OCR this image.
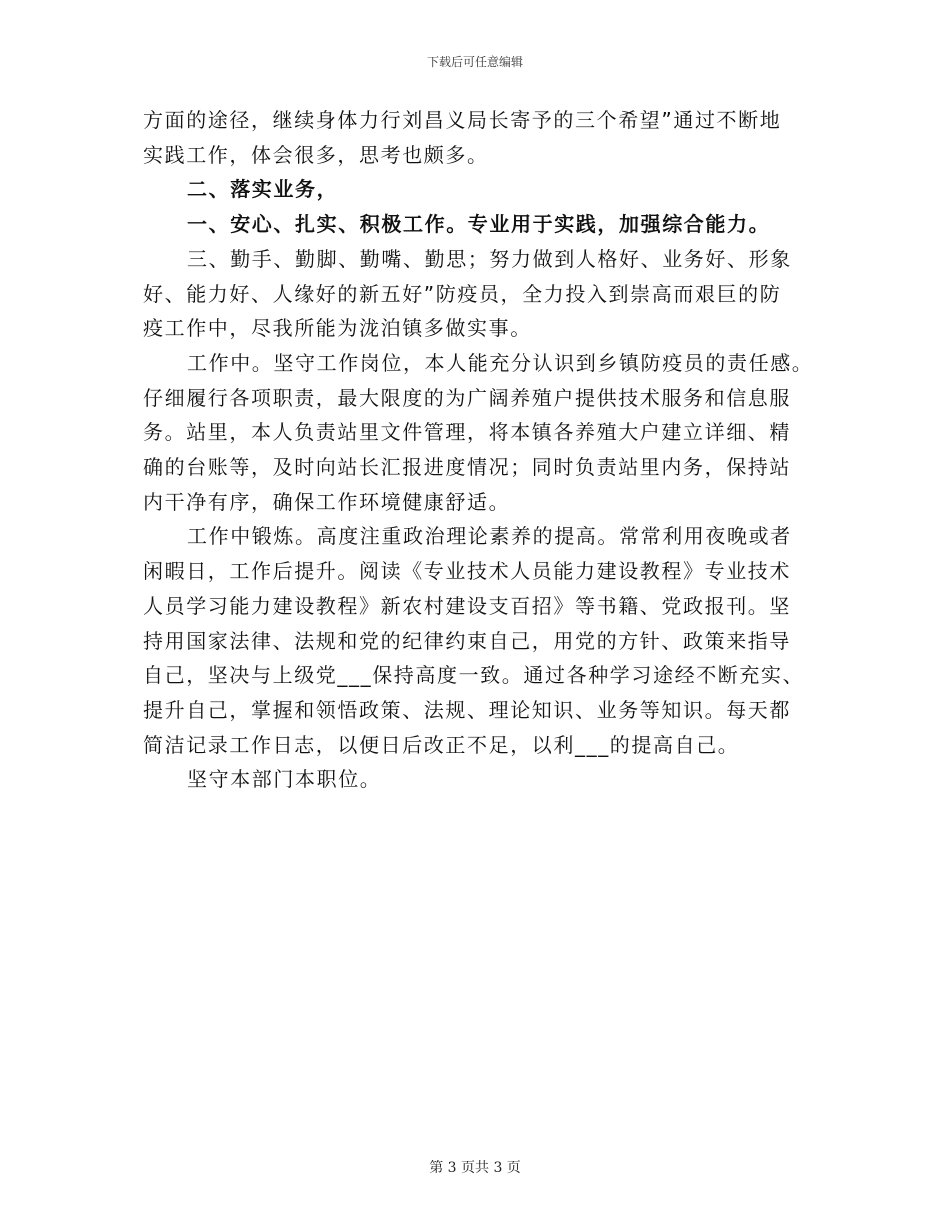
下载后可任意编辑
方面的途径，继续身体力行刘昌义局长寄予的三个希望”通过不断地
实践工作，体会很多，思考也颇多。
二、落实业务，
一、安心、扎实、积极工作。专业用于实践，加强综合能力。
三、勤手、勤脚、勤嘴、勤思；努力做到人格好、业务好、形象
好、能力好、人缘好的新五好”防疫员，全力投入到崇高而艰巨的防
疫工作中，尽我所能为泷泊镇多做实事。
工作中。坚守工作岗位，本人能充分认识到乡镇防疫员的责任感。
仔细履行各项职责，最大限度的为广阔养殖户提供技术服务和信息服
务。站里，本人负责站里文件管理，将本镇各养殖大户建立详细、精
确的台账等，及时向站长汇报进度情况；同时负责站里内务，保持站
内干净有序，确保工作环境健康舒适。
工作中锻炼。高度注重政治理论素养的提高。常常利用夜晚或者
闲暇日，工作后提升。阅读《专业技术人员能力建设教程》专业技术
人员学习能力建设教程》新农村建设支百招》等书籍、党政报刊。坚
持用国家法律、法规和党的纪律约束自己，用党的方针、政策来指导
自己，坚决与上级党___保持高度一致。通过各种学习途经不断充实、
提升自己，掌握和领悟政策、法规、理论知识、业务等知识。每天都
简洁记录工作日志，以便日后改正不足，以利___的提高自己。
坚守本部门本职位。
第 3 页共 3 页
